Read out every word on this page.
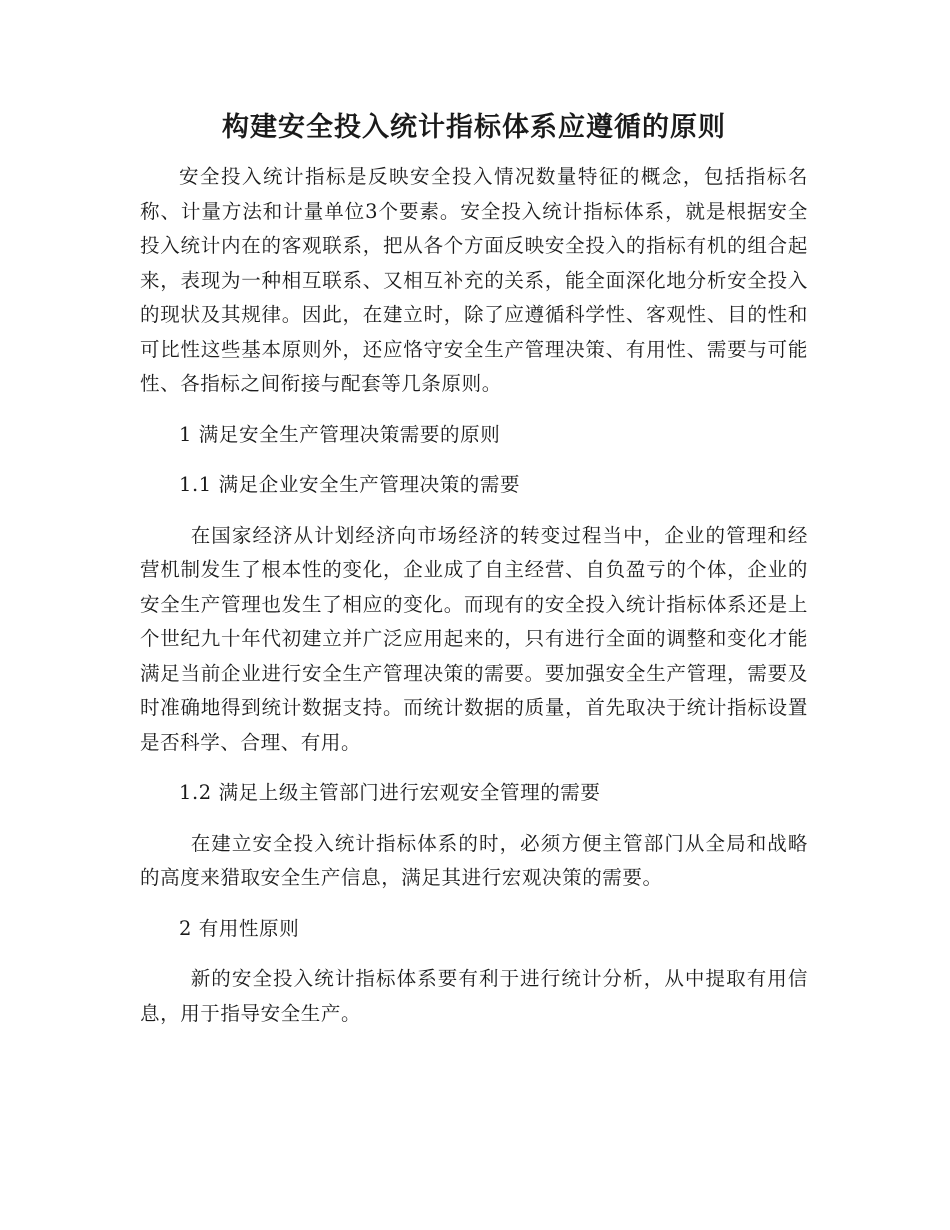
构建安全投入统计指标体系应遵循的原则

安全投入统计指标是反映安全投入情况数量特征的概念，包括指标名称、计量方法和计量单位3个要素。安全投入统计指标体系，就是根据安全投入统计内在的客观联系，把从各个方面反映安全投入的指标有机的组合起来，表现为一种相互联系、又相互补充的关系，能全面深化地分析安全投入的现状及其规律。因此，在建立时，除了应遵循科学性、客观性、目的性和可比性这些基本原则外，还应恪守安全生产管理决策、有用性、需要与可能性、各指标之间衔接与配套等几条原则。

1 满足安全生产管理决策需要的原则

1.1 满足企业安全生产管理决策的需要

在国家经济从计划经济向市场经济的转变过程当中，企业的管理和经营机制发生了根本性的变化，企业成了自主经营、自负盈亏的个体，企业的安全生产管理也发生了相应的变化。而现有的安全投入统计指标体系还是上个世纪九十年代初建立并广泛应用起来的，只有进行全面的调整和变化才能满足当前企业进行安全生产管理决策的需要。要加强安全生产管理，需要及时准确地得到统计数据支持。而统计数据的质量，首先取决于统计指标设置是否科学、合理、有用。

1.2 满足上级主管部门进行宏观安全管理的需要

在建立安全投入统计指标体系的时，必须方便主管部门从全局和战略的高度来猎取安全生产信息，满足其进行宏观决策的需要。

2 有用性原则

新的安全投入统计指标体系要有利于进行统计分析，从中提取有用信息，用于指导安全生产。
